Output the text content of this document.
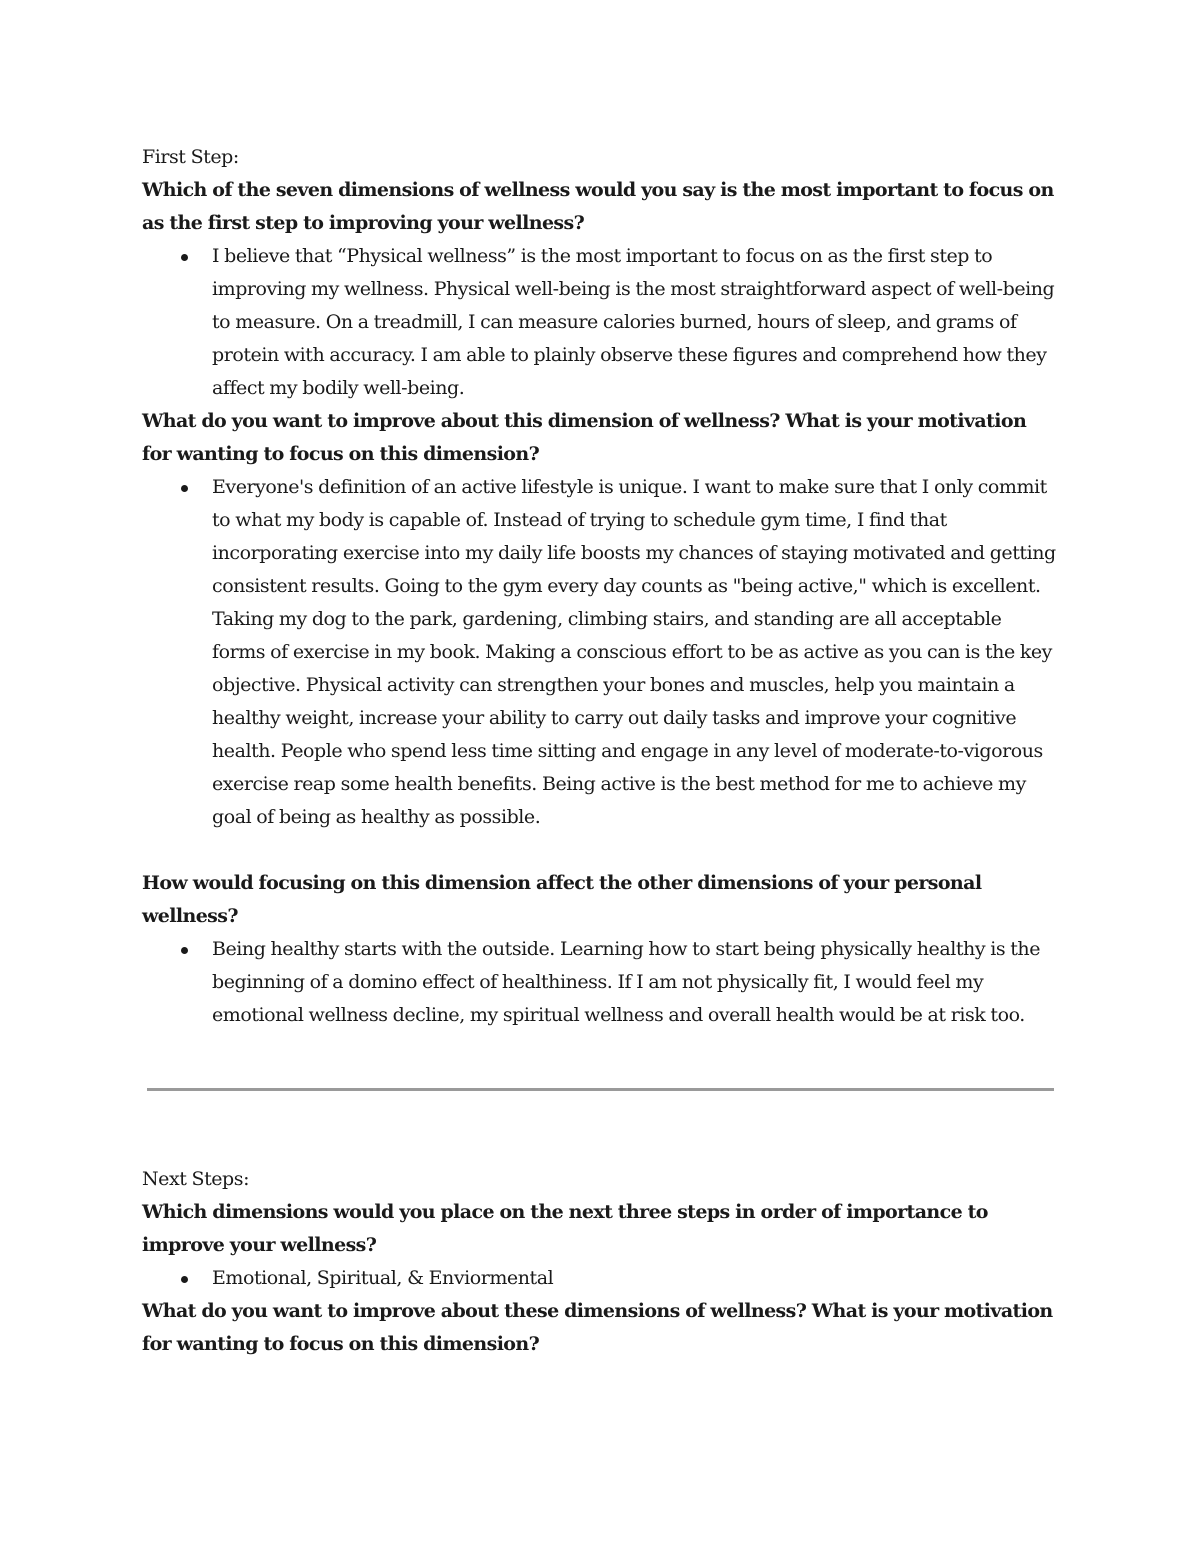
First Step:

Which of the seven dimensions of wellness would you say is the most important to focus on as the first step to improving your wellness?

I believe that “Physical wellness” is the most important to focus on as the first step to improving my wellness. Physical well-being is the most straightforward aspect of well-being to measure. On a treadmill, I can measure calories burned, hours of sleep, and grams of protein with accuracy. I am able to plainly observe these figures and comprehend how they affect my bodily well-being.

What do you want to improve about this dimension of wellness? What is your motivation for wanting to focus on this dimension?

Everyone's definition of an active lifestyle is unique. I want to make sure that I only commit to what my body is capable of. Instead of trying to schedule gym time, I find that incorporating exercise into my daily life boosts my chances of staying motivated and getting consistent results. Going to the gym every day counts as "being active," which is excellent. Taking my dog to the park, gardening, climbing stairs, and standing are all acceptable forms of exercise in my book. Making a conscious effort to be as active as you can is the key objective. Physical activity can strengthen your bones and muscles, help you maintain a healthy weight, increase your ability to carry out daily tasks and improve your cognitive health. People who spend less time sitting and engage in any level of moderate-to-vigorous exercise reap some health benefits. Being active is the best method for me to achieve my goal of being as healthy as possible.

How would focusing on this dimension affect the other dimensions of your personal wellness?

Being healthy starts with the outside. Learning how to start being physically healthy is the beginning of a domino effect of healthiness. If I am not physically fit, I would feel my emotional wellness decline, my spiritual wellness and overall health would be at risk too.

Next Steps:

Which dimensions would you place on the next three steps in order of importance to improve your wellness?

Emotional, Spiritual, & Enviormental

What do you want to improve about these dimensions of wellness? What is your motivation for wanting to focus on this dimension?
